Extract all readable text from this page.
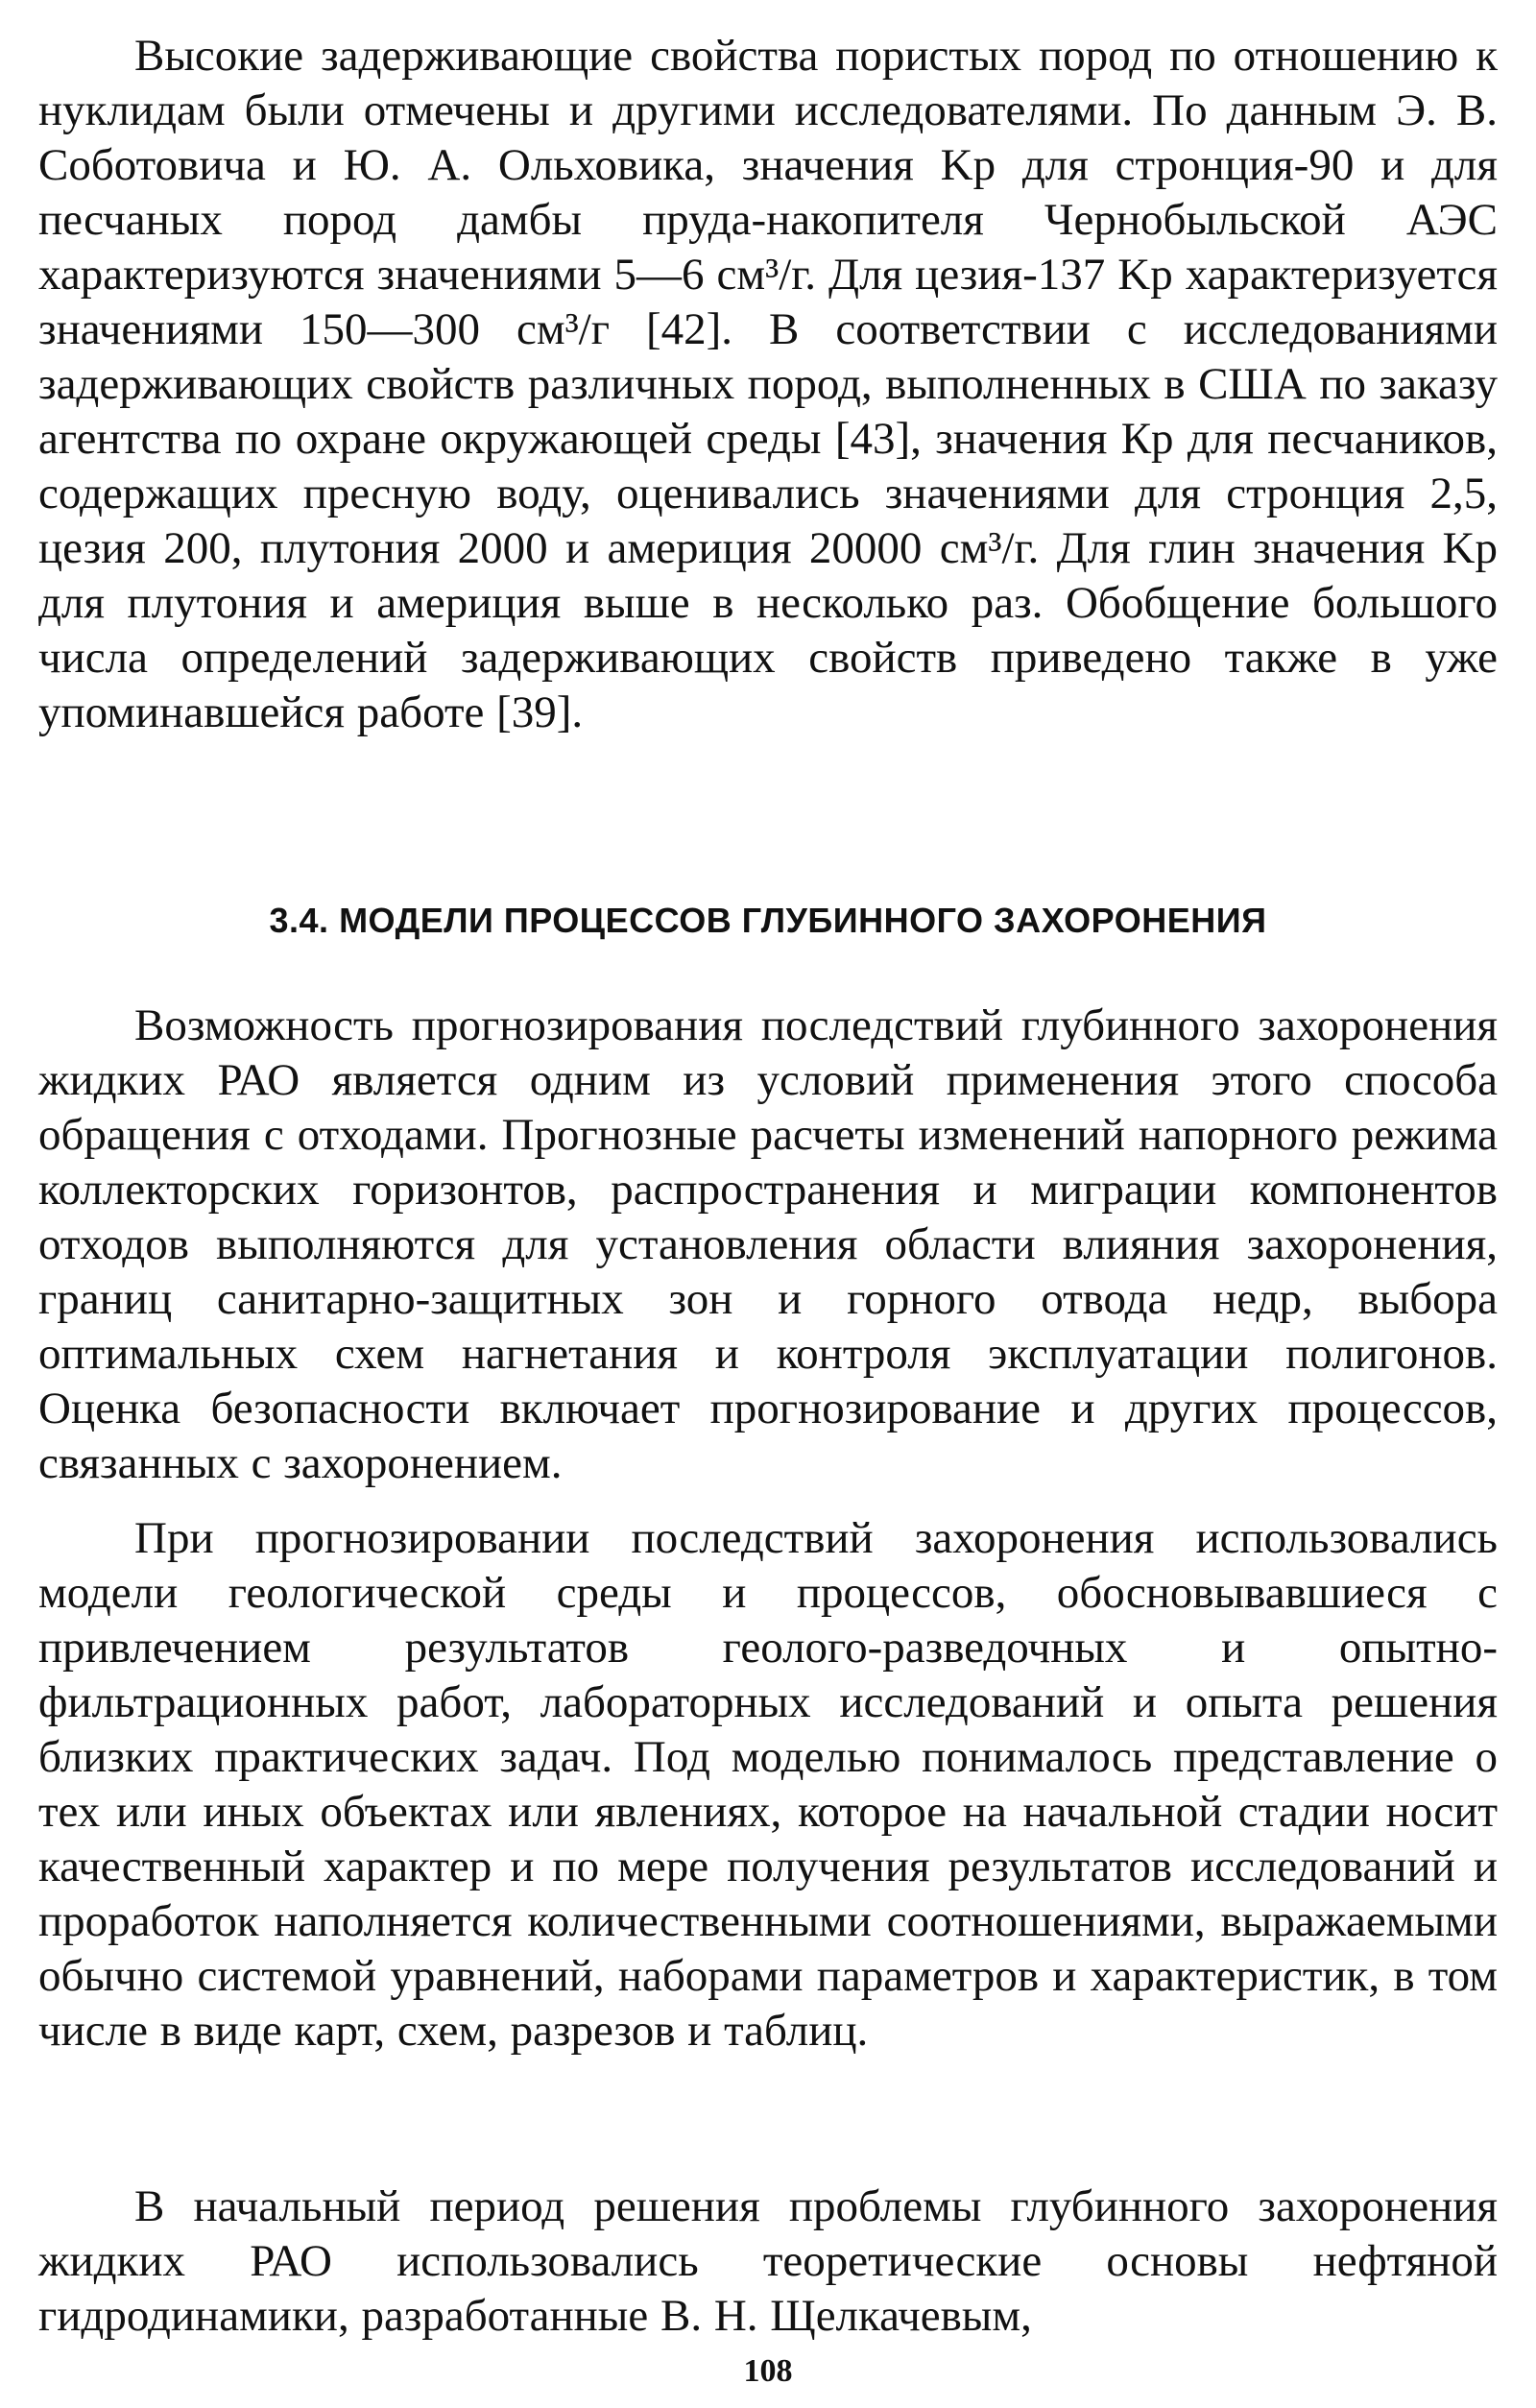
Высокие задерживающие свойства пористых пород по отношению к нуклидам были отмечены и другими исследователями. По данным Э. В. Соботовича и Ю. А. Ольховика, значения Kp для стронция-90 и для песчаных пород дамбы пруда-накопителя Чернобыльской АЭС характеризуются значениями 5—6 см³/г. Для цезия-137 Kp характеризуется значениями 150—300 см³/г [42]. В соответствии с исследованиями задерживающих свойств различных пород, выполненных в США по заказу агентства по охране окружающей среды [43], значения Кр для песчаников, содержащих пресную воду, оценивались значениями для стронция 2,5, цезия 200, плутония 2000 и америция 20000 см³/г. Для глин значения Kp для плутония и америция выше в несколько раз. Обобщение большого числа определений задерживающих свойств приведено также в уже упоминавшейся работе [39].

3.4. МОДЕЛИ ПРОЦЕССОВ ГЛУБИННОГО ЗАХОРОНЕНИЯ

Возможность прогнозирования последствий глубинного захоронения жидких РАО является одним из условий применения этого способа обращения с отходами. Прогнозные расчеты изменений напорного режима коллекторских горизонтов, распространения и миграции компонентов отходов выполняются для установления области влияния захоронения, границ санитарно-защитных зон и горного отвода недр, выбора оптимальных схем нагнетания и контроля эксплуатации полигонов. Оценка безопасности включает прогнозирование и других процессов, связанных с захоронением.

При прогнозировании последствий захоронения использовались модели геологической среды и процессов, обосновывавшиеся с привлечением результатов геолого-разведочных и опытно-фильтрационных работ, лабораторных исследований и опыта решения близких практических задач. Под моделью понималось представление о тех или иных объектах или явлениях, которое на начальной стадии носит качественный характер и по мере получения результатов исследований и проработок наполняется количественными соотношениями, выражаемыми обычно системой уравнений, наборами параметров и характеристик, в том числе в виде карт, схем, разрезов и таблиц.

В начальный период решения проблемы глубинного захоронения жидких РАО использовались теоретические основы нефтяной гидродинамики, разработанные В. Н. Щелкачевым,

108
